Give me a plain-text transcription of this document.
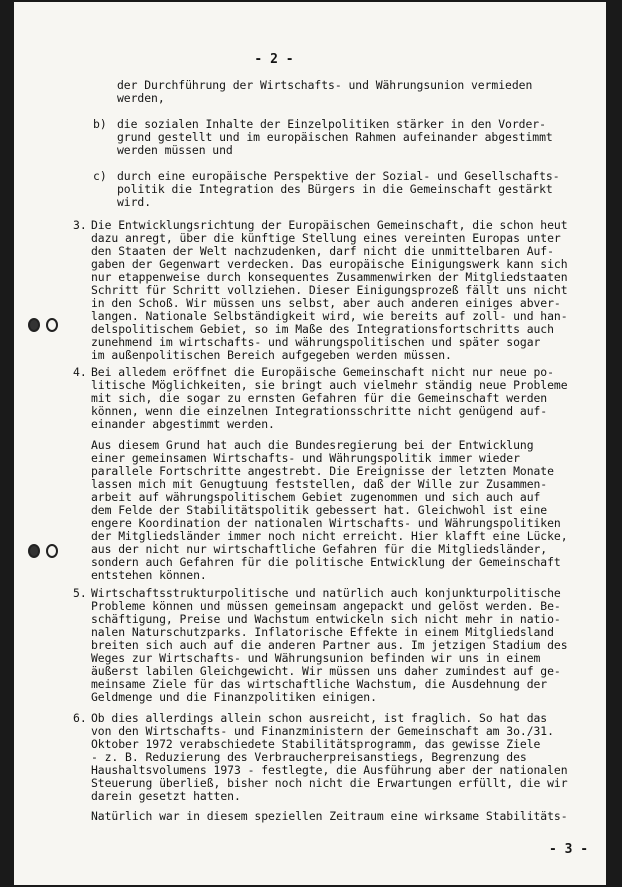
- 2 -
der Durchführung der Wirtschafts- und Währungsunion vermieden
werden,
b) die sozialen Inhalte der Einzelpolitiken stärker in den Vorder-
grund gestellt und im europäischen Rahmen aufeinander abgestimmt
werden müssen und
c) durch eine europäische Perspektive der Sozial- und Gesellschafts-
politik die Integration des Bürgers in die Gemeinschaft gestärkt
wird.
3. Die Entwicklungsrichtung der Europäischen Gemeinschaft, die schon heut
dazu anregt, über die künftige Stellung eines vereinten Europas unter
den Staaten der Welt nachzudenken, darf nicht die unmittelbaren Auf-
gaben der Gegenwart verdecken. Das europäische Einigungswerk kann sich
nur etappenweise durch konsequentes Zusammenwirken der Mitgliedstaaten
Schritt für Schritt vollziehen. Dieser Einigungsprozeß fällt uns nicht
in den Schoß. Wir müssen uns selbst, aber auch anderen einiges abver-
langen. Nationale Selbständigkeit wird, wie bereits auf zoll- und han-
delspolitischem Gebiet, so im Maße des Integrationsfortschritts auch
zunehmend im wirtschafts- und währungspolitischen und später sogar
im außenpolitischen Bereich aufgegeben werden müssen.
4. Bei alledem eröffnet die Europäische Gemeinschaft nicht nur neue po-
litische Möglichkeiten, sie bringt auch vielmehr ständig neue Probleme
mit sich, die sogar zu ernsten Gefahren für die Gemeinschaft werden
können, wenn die einzelnen Integrationsschritte nicht genügend auf-
einander abgestimmt werden.
Aus diesem Grund hat auch die Bundesregierung bei der Entwicklung
einer gemeinsamen Wirtschafts- und Währungspolitik immer wieder
parallele Fortschritte angestrebt. Die Ereignisse der letzten Monate
lassen mich mit Genugtuung feststellen, daß der Wille zur Zusammen-
arbeit auf währungspolitischem Gebiet zugenommen und sich auch auf
dem Felde der Stabilitätspolitik gebessert hat. Gleichwohl ist eine
engere Koordination der nationalen Wirtschafts- und Währungspolitiken
der Mitgliedsländer immer noch nicht erreicht. Hier klafft eine Lücke,
aus der nicht nur wirtschaftliche Gefahren für die Mitgliedsländer,
sondern auch Gefahren für die politische Entwicklung der Gemeinschaft
entstehen können.
5. Wirtschaftsstrukturpolitische und natürlich auch konjunkturpolitische
Probleme können und müssen gemeinsam angepackt und gelöst werden. Be-
schäftigung, Preise und Wachstum entwickeln sich nicht mehr in natio-
nalen Naturschutzparks. Inflatorische Effekte in einem Mitgliedsland
breiten sich auch auf die anderen Partner aus. Im jetzigen Stadium des
Weges zur Wirtschafts- und Währungsunion befinden wir uns in einem
äußerst labilen Gleichgewicht. Wir müssen uns daher zumindest auf ge-
meinsame Ziele für das wirtschaftliche Wachstum, die Ausdehnung der
Geldmenge und die Finanzpolitiken einigen.
6. Ob dies allerdings allein schon ausreicht, ist fraglich. So hat das
von den Wirtschafts- und Finanzministern der Gemeinschaft am 3o./31.
Oktober 1972 verabschiedete Stabilitätsprogramm, das gewisse Ziele
- z. B. Reduzierung des Verbraucherpreisanstiegs, Begrenzung des
Haushaltsvolumens 1973 - festlegte, die Ausführung aber der nationalen
Steuerung überließ, bisher noch nicht die Erwartungen erfüllt, die wir
darein gesetzt hatten.
Natürlich war in diesem speziellen Zeitraum eine wirksame Stabilitäts-
- 3 -
